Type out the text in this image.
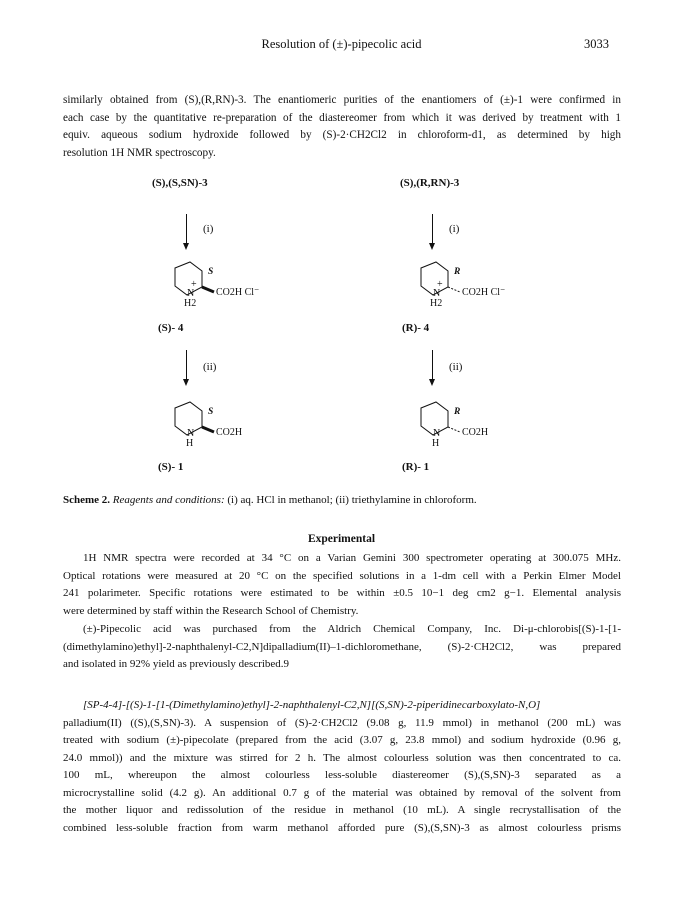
Resolution of (±)-pipecolic acid	3033
similarly obtained from (S),(R,RN)-3. The enantiomeric purities of the enantiomers of (±)-1 were confirmed in
each case by the quantitative re-preparation of the diastereomer from which it was derived by treatment with 1
equiv. aqueous sodium hydroxide followed by (S)-2·CH2Cl2 in chloroform-d1, as determined by high
resolution 1H NMR spectroscopy.
(S),(S,SN)-3
(i)
S
+
N
H2
CO2H Cl⁻
(S)- 4
(ii)
S
N
H
CO2H
(S)- 1
(S),(R,RN)-3
(i)
R
+
N
H2
CO2H Cl⁻
(R)- 4
(ii)
R
N
H
CO2H
(R)- 1
Scheme 2. Reagents and conditions: (i) aq. HCl in methanol; (ii) triethylamine in chloroform.
Experimental
1H NMR spectra were recorded at 34 °C on a Varian Gemini 300 spectrometer operating at 300.075 MHz.
Optical rotations were measured at 20 °C on the specified solutions in a 1-dm cell with a Perkin Elmer Model
241 polarimeter. Specific rotations were estimated to be within ±0.5 10−1 deg cm2 g−1. Elemental analysis
were determined by staff within the Research School of Chemistry.
(±)-Pipecolic acid was purchased from the Aldrich Chemical Company, Inc. Di-μ-chlorobis[(S)-1-[1-
(dimethylamino)ethyl]-2-naphthalenyl-C2,N]dipalladium(II)–1-dichloromethane, (S)-2·CH2Cl2, was prepared
and isolated in 92% yield as previously described.9
[SP-4-4]-[(S)-1-[1-(Dimethylamino)ethyl]-2-naphthalenyl-C2,N][(S,SN)-2-piperidinecarboxylato-N,O]
palladium(II) ((S),(S,SN)-3). A suspension of (S)-2·CH2Cl2 (9.08 g, 11.9 mmol) in methanol (200 mL) was
treated with sodium (±)-pipecolate (prepared from the acid (3.07 g, 23.8 mmol) and sodium hydroxide (0.96 g,
24.0 mmol)) and the mixture was stirred for 2 h. The almost colourless solution was then concentrated to ca.
100 mL, whereupon the almost colourless less-soluble diastereomer (S),(S,SN)-3 separated as a
microcrystalline solid (4.2 g). An additional 0.7 g of the material was obtained by removal of the solvent from
the mother liquor and redissolution of the residue in methanol (10 mL). A single recrystallisation of the
combined less-soluble fraction from warm methanol afforded pure (S),(S,SN)-3 as almost colourless prisms
